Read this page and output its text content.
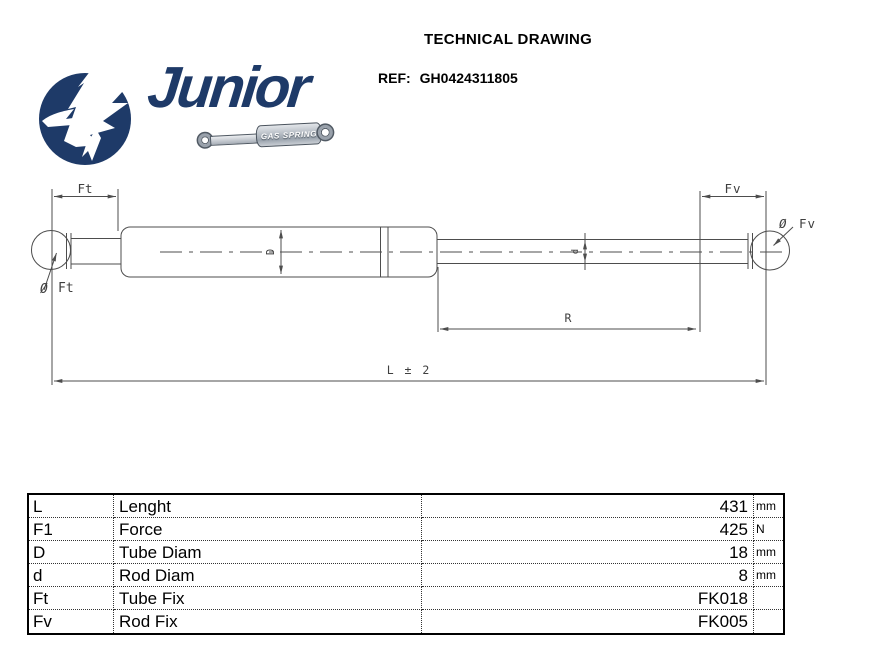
TECHNICAL DRAWING
REF: GH0424311805
Junior
GAS SPRING
Ft	Fv
Ø Ft
Ø Fv
D	d
R
L ± 2
L	Lenght	431 mm
F1	Force	425 N
D	Tube Diam	18 mm
d	Rod Diam	8 mm
Ft	Tube Fix	FK018
Fv	Rod Fix	FK005
